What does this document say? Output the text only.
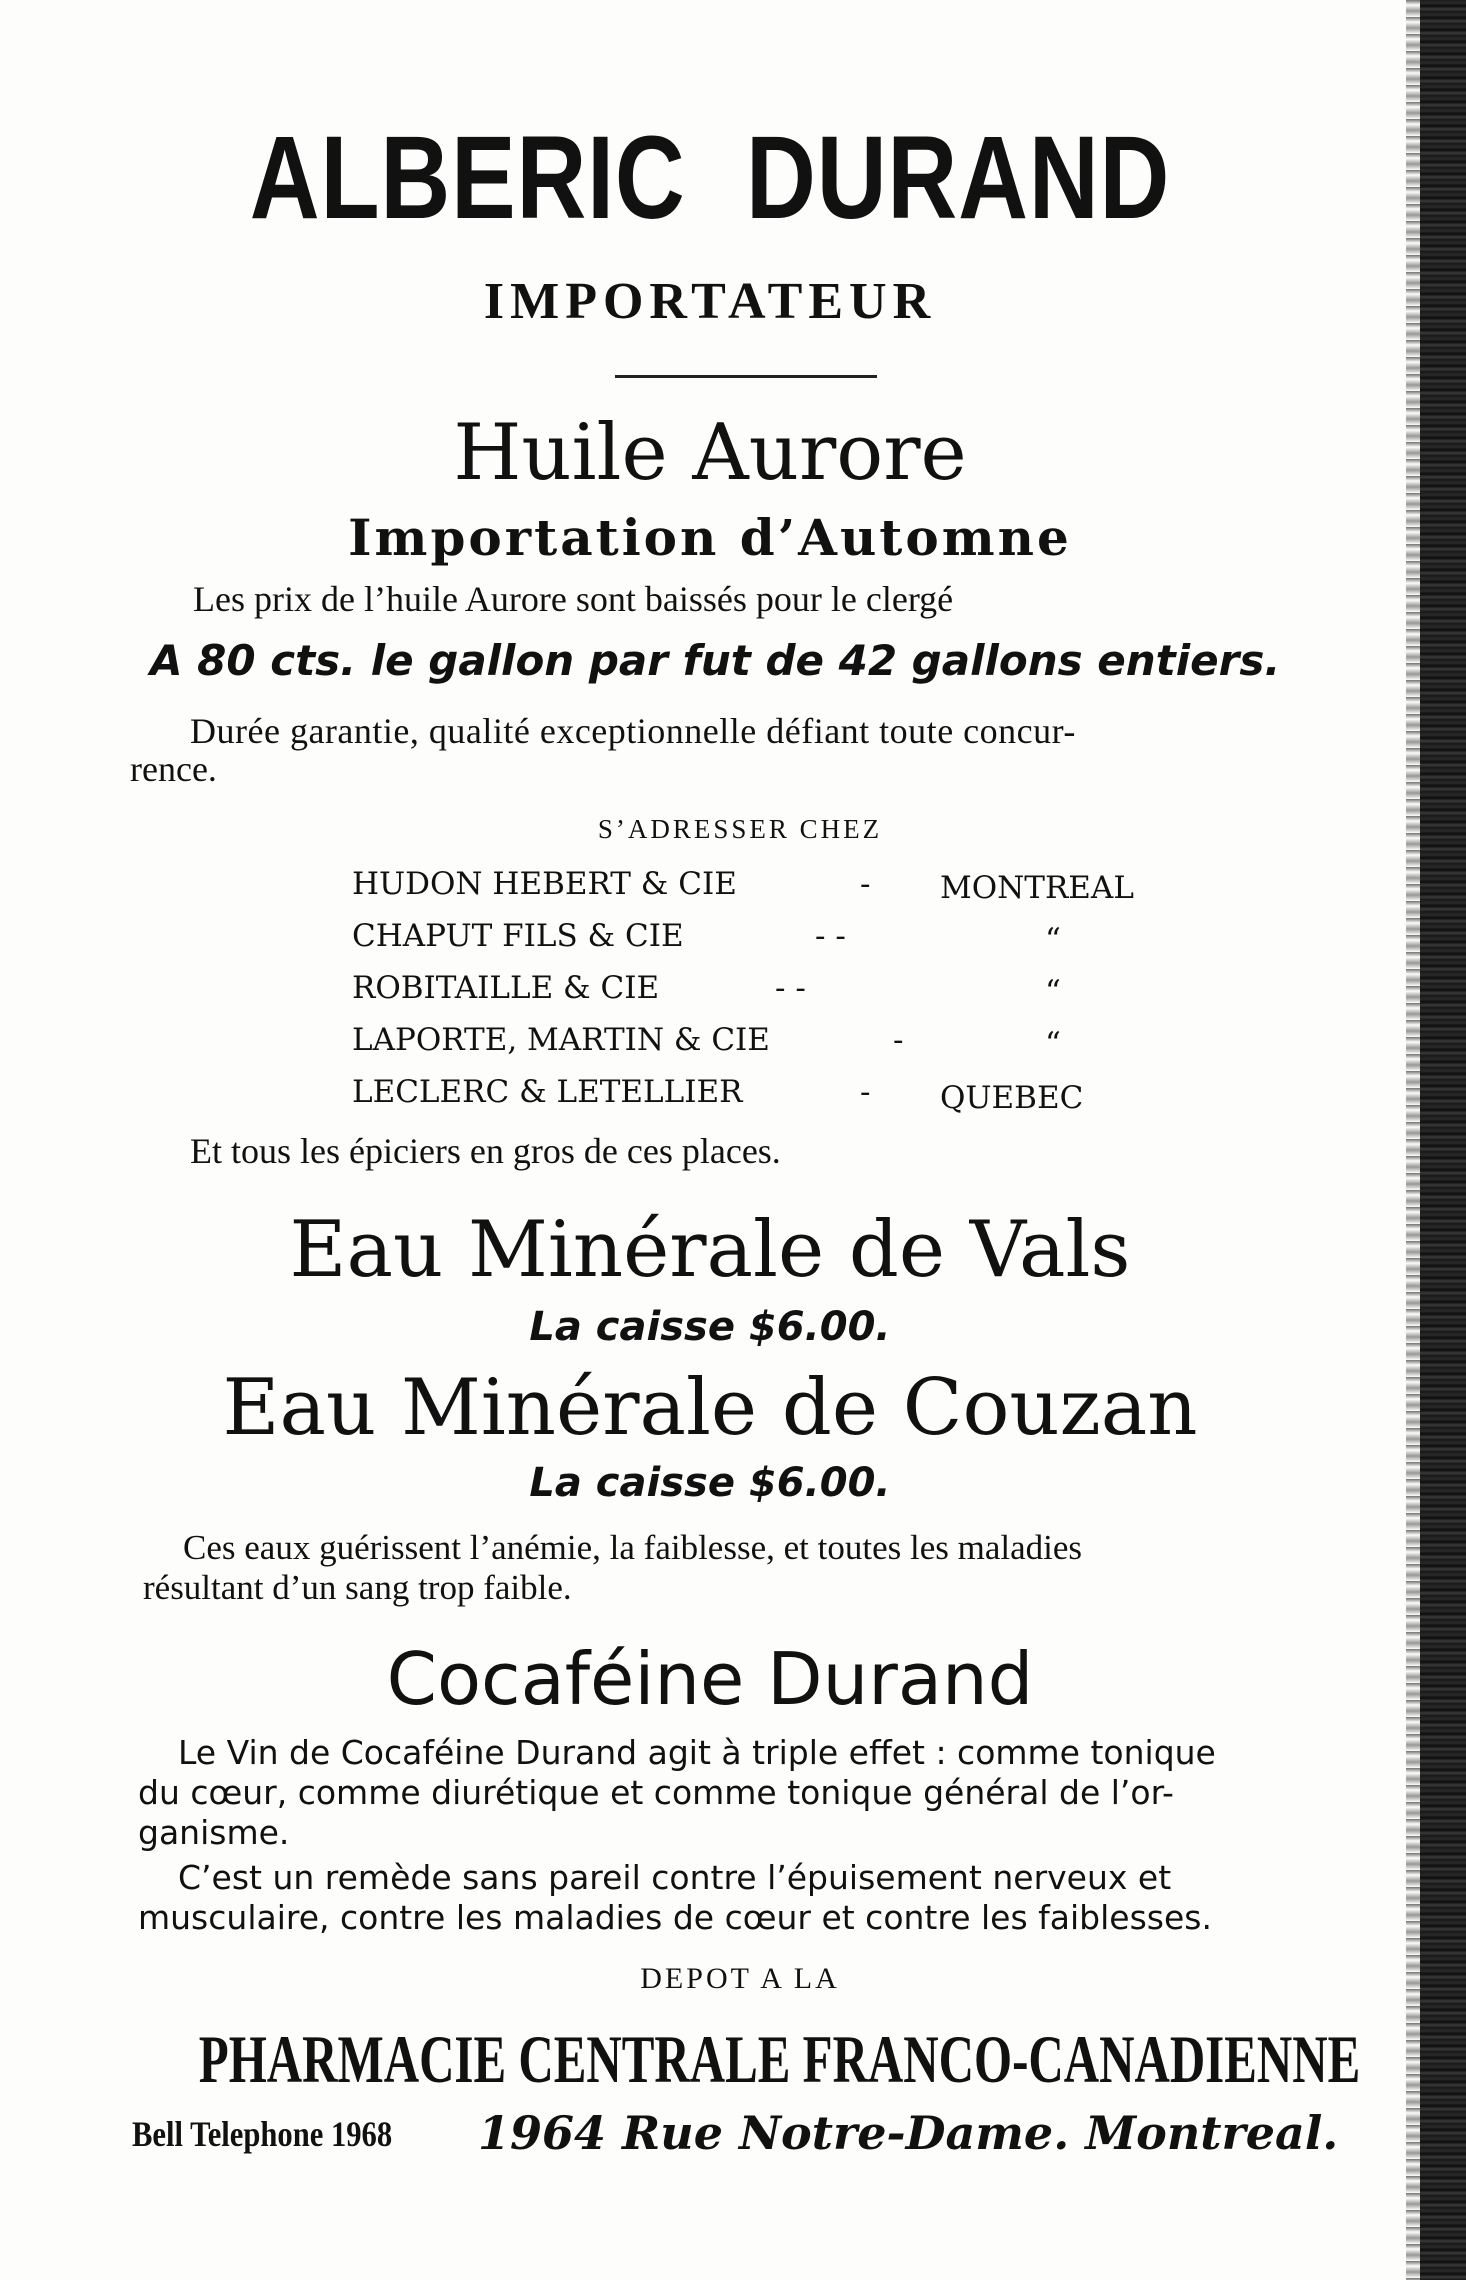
ALBERIC DURAND
IMPORTATEUR
Huile Aurore
Importation d’Automne
Les prix de l’huile Aurore sont baissés pour le clergé
A 80 cts. le gallon par fut de 42 gallons entiers.
Durée garantie, qualité exceptionnelle défiant toute concur-
rence.
S’ADRESSER CHEZ
HUDON HEBERT & CIE	- MONTREAL
CHAPUT FILS & CIE	- -	“
ROBITAILLE & CIE	- -	“
LAPORTE, MARTIN & CIE	-	“
LECLERC & LETELLIER	- QUEBEC
Et tous les épiciers en gros de ces places.
Eau Minérale de Vals
La caisse $6.00.
Eau Minérale de Couzan
La caisse $6.00.
Ces eaux guérissent l’anémie, la faiblesse, et toutes les maladies
résultant d’un sang trop faible.
Cocaféine Durand
Le Vin de Cocaféine Durand agit à triple effet : comme tonique
du cœur, comme diurétique et comme tonique général de l’or-
ganisme.
C’est un remède sans pareil contre l’épuisement nerveux et
musculaire, contre les maladies de cœur et contre les faiblesses.
DEPOT A LA
PHARMACIE CENTRALE FRANCO-CANADIENNE
Bell Telephone 1968 1964 Rue Notre-Dame. Montreal.
